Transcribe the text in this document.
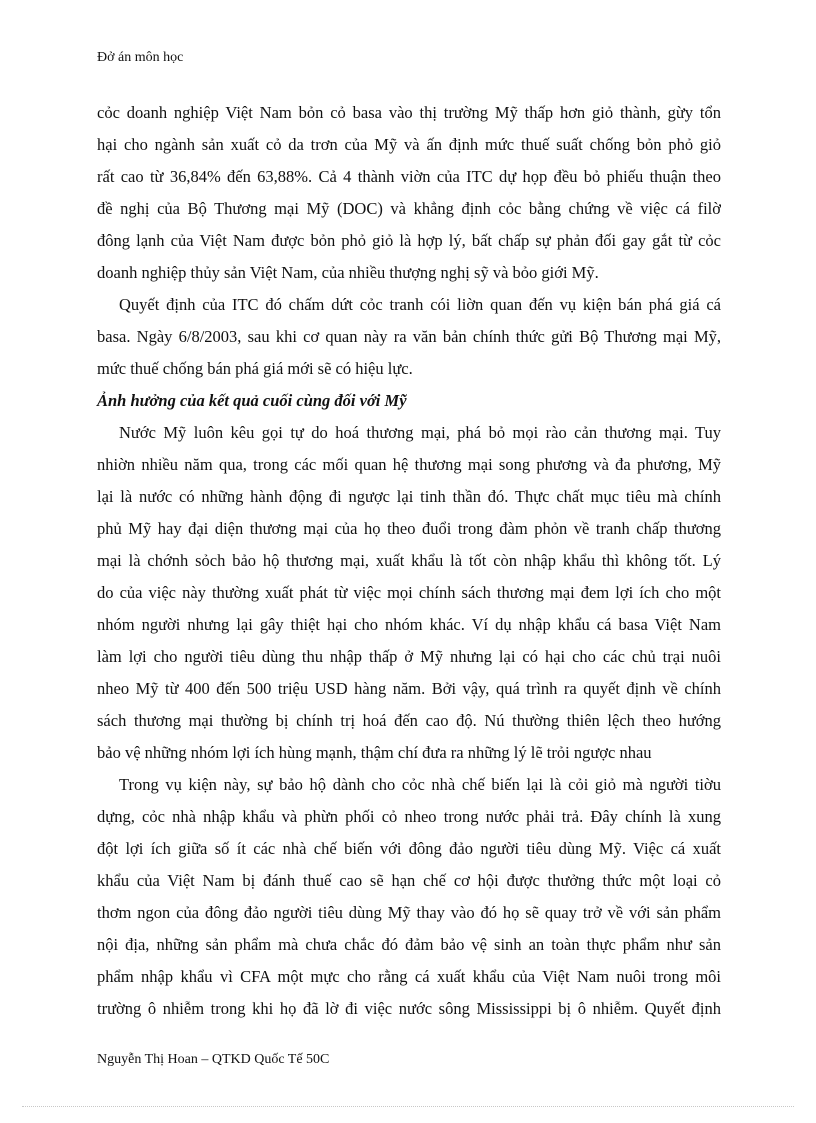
Đở án môn học
cỏc doanh nghiệp Việt Nam bỏn cỏ basa vào thị trường Mỹ thấp hơn giỏ thành, gừy tổn
hại cho ngành sản xuất cỏ da trơn của Mỹ và ấn định mức thuế suất chống bỏn phỏ giỏ
rất cao từ 36,84% đến 63,88%. Cả 4 thành viờn của ITC dự họp đều bỏ phiếu thuận theo
đề nghị của Bộ Thương mại Mỹ (DOC) và khẳng định cỏc bằng chứng về việc cá filờ
đông lạnh của Việt Nam được bỏn phỏ giỏ là hợp lý, bất chấp sự phản đối gay gắt từ cỏc
doanh nghiệp thủy sản Việt Nam, của nhiều thượng nghị sỹ và bỏo giới Mỹ.
Quyết định của ITC đó chấm dứt cỏc tranh cói liờn quan đến vụ kiện bán phá giá cá
basa. Ngày 6/8/2003, sau khi cơ quan này ra văn bản chính thức gửi Bộ Thương mại Mỹ,
mức thuế chống bán phá giá mới sẽ có hiệu lực.
Ảnh hưởng của kết quả cuối cùng đối với Mỹ
Nước Mỹ luôn kêu gọi tự do hoá thương mại, phá bỏ mọi rào cản thương mại. Tuy
nhiờn nhiều năm qua, trong các mối quan hệ thương mại song phương và đa phương, Mỹ
lại là nước có những hành động đi ngược lại tinh thần đó. Thực chất mục tiêu mà chính
phủ Mỹ hay đại diện thương mại của họ theo đuổi trong đàm phỏn về tranh chấp thương
mại là chớnh sỏch bảo hộ thương mại, xuất khẩu là tốt còn nhập khẩu thì không tốt. Lý
do của việc này thường xuất phát từ việc mọi chính sách thương mại đem lợi ích cho một
nhóm người nhưng lại gây thiệt hại cho nhóm khác. Ví dụ nhập khẩu cá basa Việt Nam
làm lợi cho người tiêu dùng thu nhập thấp ở Mỹ nhưng lại có hại cho các chủ trại nuôi
nheo Mỹ từ 400 đến 500 triệu USD hàng năm. Bởi vậy, quá trình ra quyết định về chính
sách thương mại thường bị chính trị hoá đến cao độ. Nú thường thiên lệch theo hướng
bảo vệ những nhóm lợi ích hùng mạnh, thậm chí đưa ra những lý lẽ trỏi ngược nhau
Trong vụ kiện này, sự bảo hộ dành cho cỏc nhà chế biến lại là cỏi giỏ mà người tiờu
dựng, cỏc nhà nhập khẩu và phừn phối cỏ nheo trong nước phải trả. Đây chính là xung
đột lợi ích giữa số ít các nhà chế biến với đông đảo người tiêu dùng Mỹ. Việc cá xuất
khẩu của Việt Nam bị đánh thuế cao sẽ hạn chế cơ hội được thưởng thức một loại cỏ
thơm ngon của đông đảo người tiêu dùng Mỹ thay vào đó họ sẽ quay trở về với sản phẩm
nội địa, những sản phẩm mà chưa chắc đó đảm bảo vệ sinh an toàn thực phẩm như sản
phẩm nhập khẩu vì CFA một mực cho rằng cá xuất khẩu của Việt Nam nuôi trong môi
trường ô nhiễm trong khi họ đã lờ đi việc nước sông Mississippi bị ô nhiễm. Quyết định
Nguyễn Thị Hoan – QTKD Quốc Tế 50C
